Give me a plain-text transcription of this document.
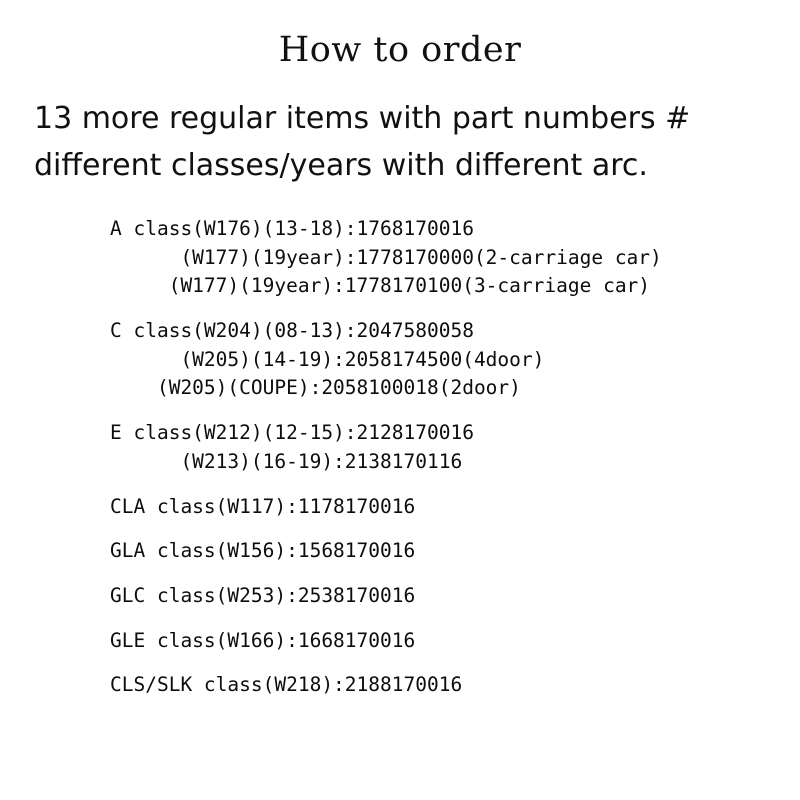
How to order
13 more regular items with part numbers #
different classes/years with different arc.
A class(W176)(13-18):1768170016
(W177)(19year):1778170000(2-carriage car)
(W177)(19year):1778170100(3-carriage car)
C class(W204)(08-13):2047580058
(W205)(14-19):2058174500(4door)
(W205)(COUPE):2058100018(2door)
E class(W212)(12-15):2128170016
(W213)(16-19):2138170116
CLA class(W117):1178170016
GLA class(W156):1568170016
GLC class(W253):2538170016
GLE class(W166):1668170016
CLS/SLK class(W218):2188170016
